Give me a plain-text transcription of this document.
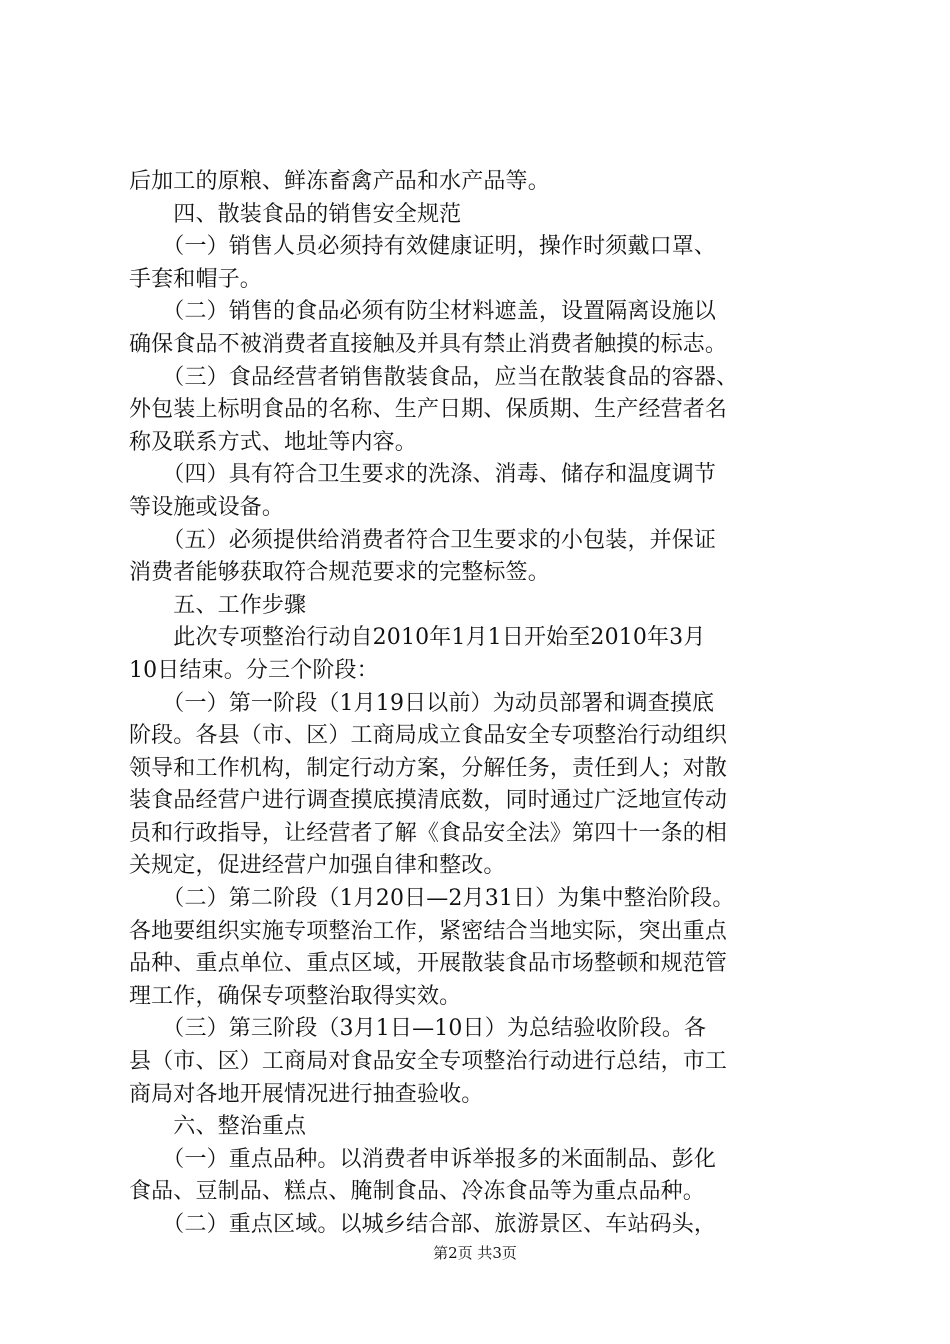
后加工的原粮、鲜冻畜禽产品和水产品等。
　　四、散装食品的销售安全规范
　　（一）销售人员必须持有效健康证明，操作时须戴口罩、
手套和帽子。
　　（二）销售的食品必须有防尘材料遮盖，设置隔离设施以
确保食品不被消费者直接触及并具有禁止消费者触摸的标志。
　　（三）食品经营者销售散装食品，应当在散装食品的容器、
外包装上标明食品的名称、生产日期、保质期、生产经营者名
称及联系方式、地址等内容。
　　（四）具有符合卫生要求的洗涤、消毒、储存和温度调节
等设施或设备。
　　（五）必须提供给消费者符合卫生要求的小包装，并保证
消费者能够获取符合规范要求的完整标签。
　　五、工作步骤
　　此次专项整治行动自2010年1月1日开始至2010年3月
10日结束。分三个阶段：
　　（一）第一阶段（1月19日以前）为动员部署和调查摸底
阶段。各县（市、区）工商局成立食品安全专项整治行动组织
领导和工作机构，制定行动方案，分解任务，责任到人；对散
装食品经营户进行调查摸底摸清底数，同时通过广泛地宣传动
员和行政指导，让经营者了解《食品安全法》第四十一条的相
关规定，促进经营户加强自律和整改。
　　（二）第二阶段（1月20日—2月31日）为集中整治阶段。
各地要组织实施专项整治工作，紧密结合当地实际，突出重点
品种、重点单位、重点区域，开展散装食品市场整顿和规范管
理工作，确保专项整治取得实效。
　　（三）第三阶段（3月1日—10日）为总结验收阶段。各
县（市、区）工商局对食品安全专项整治行动进行总结，市工
商局对各地开展情况进行抽查验收。
　　六、整治重点
　　（一）重点品种。以消费者申诉举报多的米面制品、彭化
食品、豆制品、糕点、腌制食品、冷冻食品等为重点品种。
　　（二）重点区域。以城乡结合部、旅游景区、车站码头，
第2页 共3页
